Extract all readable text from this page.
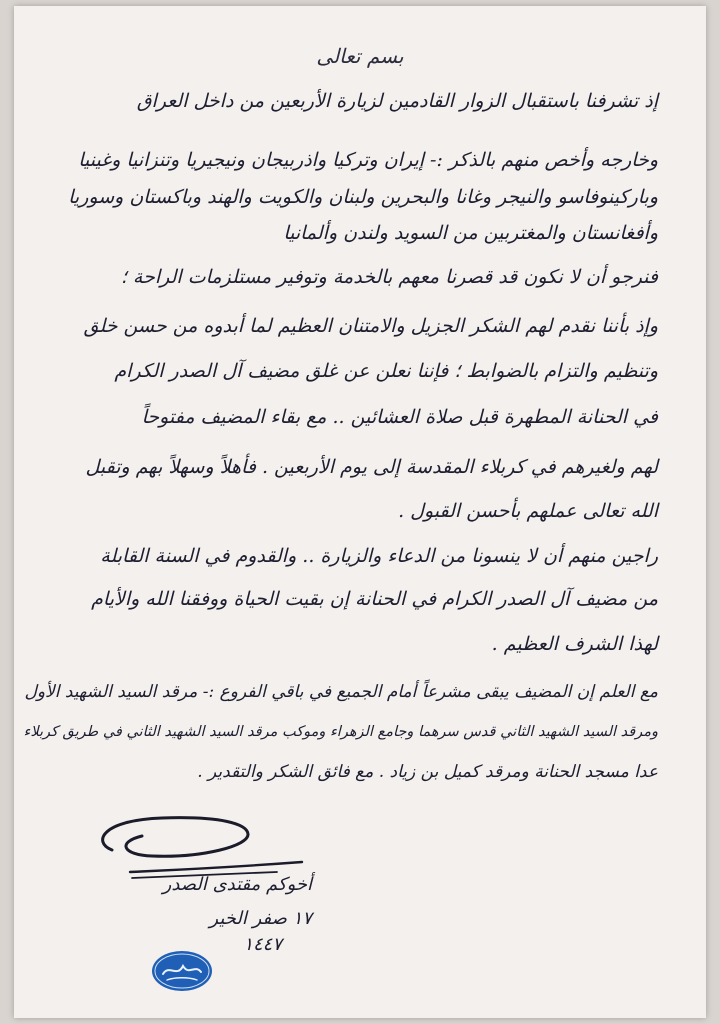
بسم تعالى
إذ تشرفنا باستقبال الزوار القادمين لزيارة الأربعين من داخل العراق
وخارجه وأخص منهم بالذكر :- إيران وتركيا واذربيجان ونيجيريا وتنزانيا وغينيا
وباركينوفاسو والنيجر وغانا والبحرين ولبنان والكويت والهند وباكستان وسوريا
وأفغانستان والمغتربين من السويد ولندن وألمانيا
فنرجو أن لا نكون قد قصرنا معهم بالخدمة وتوفير مستلزمات الراحة ؛
وإذ بأننا نقدم لهم الشكر الجزيل والامتنان العظيم لما أبدوه من حسن خلق
وتنظيم والتزام بالضوابط ؛ فإننا نعلن عن غلق مضيف آل الصدر الكرام
في الحنانة المطهرة قبل صلاة العشائين .. مع بقاء المضيف مفتوحاً
لهم ولغيرهم في كربلاء المقدسة إلى يوم الأربعين . فأهلاً وسهلاً بهم وتقبل
الله تعالى عملهم بأحسن القبول .
راجين منهم أن لا ينسونا من الدعاء والزيارة .. والقدوم في السنة القابلة
من مضيف آل الصدر الكرام في الحنانة إن بقيت الحياة ووفقنا الله والأيام
لهذا الشرف العظيم .
مع العلم إن المضيف يبقى مشرعاً أمام الجميع في باقي الفروع :- مرقد السيد الشهيد الأول
ومرقد السيد الشهيد الثاني قدس سرهما وجامع الزهراء وموكب مرقد السيد الشهيد الثاني في طريق كربلاء
عدا مسجد الحنانة ومرقد كميل بن زياد . مع فائق الشكر والتقدير .
أخوكم مقتدى الصدر
١٧ صفر الخير
١٤٤٧
